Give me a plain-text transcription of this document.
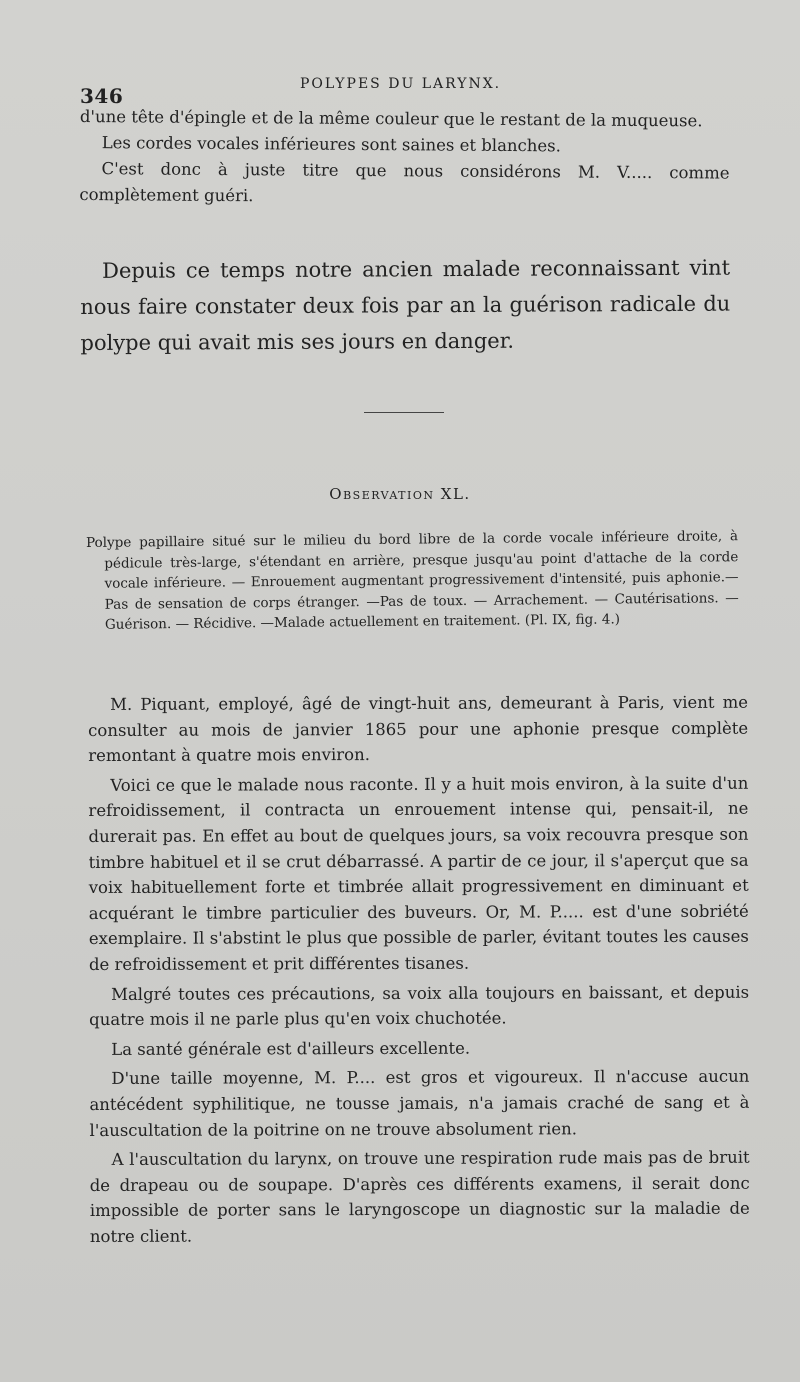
346	POLYPES DU LARYNX.

d'une tête d'épingle et de la même couleur que le restant de la muqueuse.

Les cordes vocales inférieures sont saines et blanches.

C'est donc à juste titre que nous considérons M. V..... comme complètement guéri.

Depuis ce temps notre ancien malade reconnaissant vint nous faire constater deux fois par an la guérison radicale du polype qui avait mis ses jours en danger.

Observation XL.

Polype papillaire situé sur le milieu du bord libre de la corde vocale inférieure droite, à pédicule très-large, s'étendant en arrière, presque jusqu'au point d'attache de la corde vocale inférieure. — Enrouement augmentant progressivement d'intensité, puis aphonie.— Pas de sensation de corps étranger. —Pas de toux. — Arrachement. — Cautérisations. — Guérison. — Récidive. —Malade actuellement en traitement. (Pl. IX, fig. 4.)

M. Piquant, employé, âgé de vingt-huit ans, demeurant à Paris, vient me consulter au mois de janvier 1865 pour une aphonie presque complète remontant à quatre mois environ.

Voici ce que le malade nous raconte. Il y a huit mois environ, à la suite d'un refroidissement, il contracta un enrouement intense qui, pensait-il, ne durerait pas. En effet au bout de quelques jours, sa voix recouvra presque son timbre habituel et il se crut débarrassé. A partir de ce jour, il s'aperçut que sa voix habituellement forte et timbrée allait progressivement en diminuant et acquérant le timbre particulier des buveurs. Or, M. P..... est d'une sobriété exemplaire. Il s'abstint le plus que possible de parler, évitant toutes les causes de refroidissement et prit différentes tisanes.

Malgré toutes ces précautions, sa voix alla toujours en baissant, et depuis quatre mois il ne parle plus qu'en voix chuchotée.

La santé générale est d'ailleurs excellente.

D'une taille moyenne, M. P.... est gros et vigoureux. Il n'accuse aucun antécédent syphilitique, ne tousse jamais, n'a jamais craché de sang et à l'auscultation de la poitrine on ne trouve absolument rien.

A l'auscultation du larynx, on trouve une respiration rude mais pas de bruit de drapeau ou de soupape. D'après ces différents examens, il serait donc impossible de porter sans le laryngoscope un diagnostic sur la maladie de notre client.
